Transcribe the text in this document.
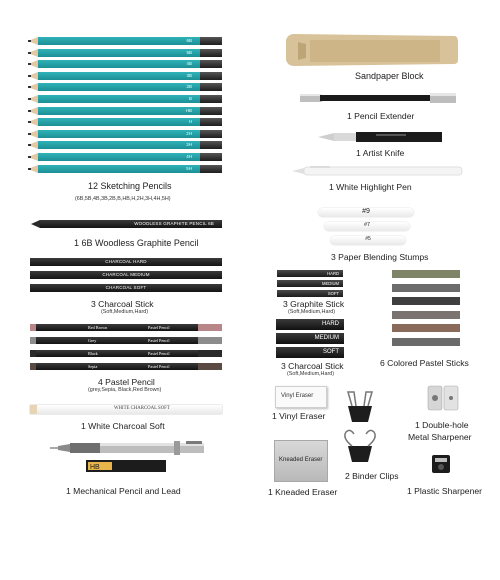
6B
5B
4B
3B
2B
B
HB
H
2H
3H
4H
5H
12 Sketching Pencils
(6B,5B,4B,3B,2B,B,HB,H,2H,3H,4H,5H)
WOODLESS GRAPHITE PENCIL 6B
1 6B Woodless Graphite Pencil
CHARCOAL HARD
CHARCOAL MEDIUM
CHARCOAL SOFT
3 Charcoal Stick
(Soft,Medium,Hard)
Red Brown	Pastel Pencil
Grey	Pastel Pencil
Black	Pastel Pencil
Sepia	Pastel Pencil
4 Pastel Pencil
(grey,Sepia, Black,Red Brown)
WHITE CHARCOAL SOFT
1 White Charcoal Soft
HB
1 Mechanical Pencil and Lead
Sandpaper Block
1 Pencil Extender
1 Artist Knife
1 White Highlight Pen
#9
#7
#5
3 Paper Blending Stumps
HARD
MEDIUM
SOFT
3 Graphite Stick
(Soft,Medium,Hard)
HARD
MEDIUM
SOFT
3 Charcoal Stick
(Soft,Medium,Hard)
6 Colored Pastel Sticks
Vinyl Eraser
1 Vinyl Eraser
2 Binder Clips
1 Double-hole
Metal Sharpener
Kneaded Eraser
1 Kneaded Eraser	1 Plastic Sharpener
